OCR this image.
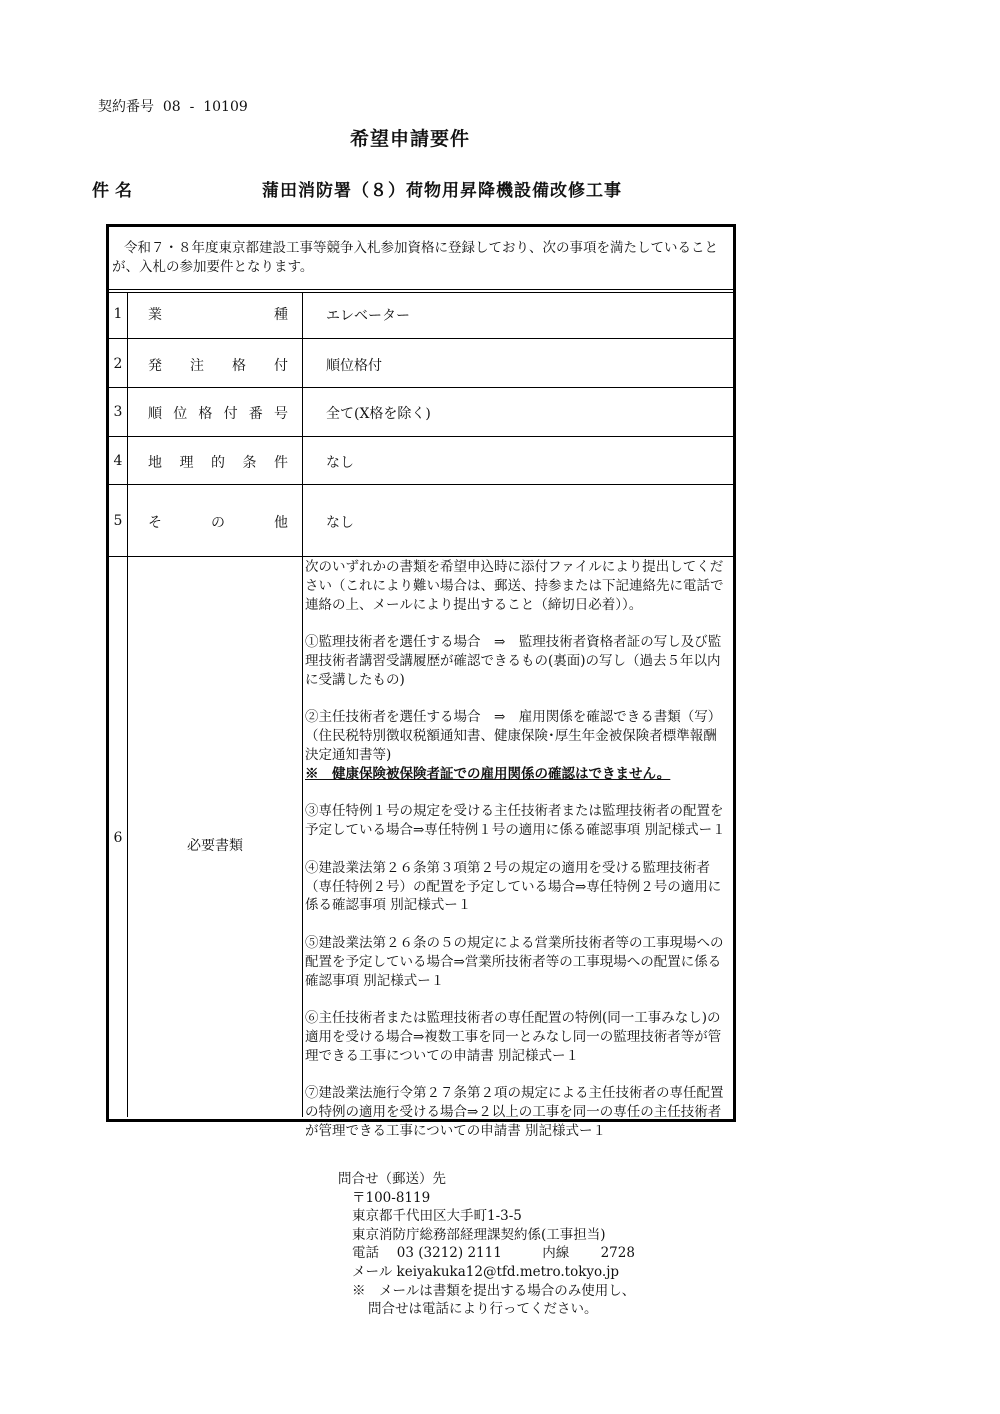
契約番号  08  -  10109
希望申請要件
件名	蒲田消防署（８）荷物用昇降機設備改修工事
令和７・８年度東京都建設工事等競争入札参加資格に登録しており、次の事項を満たしていることが、入札の参加要件となります。
1	業	種	エレベーター
2	発 注 格 付	順位格付
3	順 位 格 付 番 号	全て(X格を除く)
4	地 理 的 条 件	なし
5	そ	の	他	なし
6	必要書類

次のいずれかの書類を希望申込時に添付ファイルにより提出してください（これにより難い場合は、郵送、持参または下記連絡先に電話で連絡の上、メールにより提出すること（締切日必着））。

①監理技術者を選任する場合　⇒　監理技術者資格者証の写し及び監理技術者講習受講履歴が確認できるもの(裏面)の写し（過去５年以内に受講したもの)

②主任技術者を選任する場合　⇒　雇用関係を確認できる書類（写）（住民税特別徴収税額通知書、健康保険･厚生年金被保険者標準報酬決定通知書等)

※　健康保険被保険者証での雇用関係の確認はできません。

③専任特例１号の規定を受ける主任技術者または監理技術者の配置を予定している場合⇒専任特例１号の適用に係る確認事項 別記様式ー１

④建設業法第２６条第３項第２号の規定の適用を受ける監理技術者（専任特例２号）の配置を予定している場合⇒専任特例２号の適用に係る確認事項 別記様式ー１

⑤建設業法第２６条の５の規定による営業所技術者等の工事現場への配置を予定している場合⇒営業所技術者等の工事現場への配置に係る確認事項 別記様式ー１

⑥主任技術者または監理技術者の専任配置の特例(同一工事みなし)の適用を受ける場合⇒複数工事を同一とみなし同一の監理技術者等が管理できる工事についての申請書 別記様式ー１

⑦建設業法施行令第２７条第２項の規定による主任技術者の専任配置の特例の適用を受ける場合⇒２以上の工事を同一の専任の主任技術者が管理できる工事についての申請書 別記様式ー１

問合せ（郵送）先
〒100-8119
東京都千代田区大手町1-3-5
東京消防庁総務部経理課契約係(工事担当)
電話　 03 (3212) 2111　　　内線　　 2728
メール keiyakuka12@tfd.metro.tokyo.jp
※　メールは書類を提出する場合のみ使用し、
問合せは電話により行ってください。
